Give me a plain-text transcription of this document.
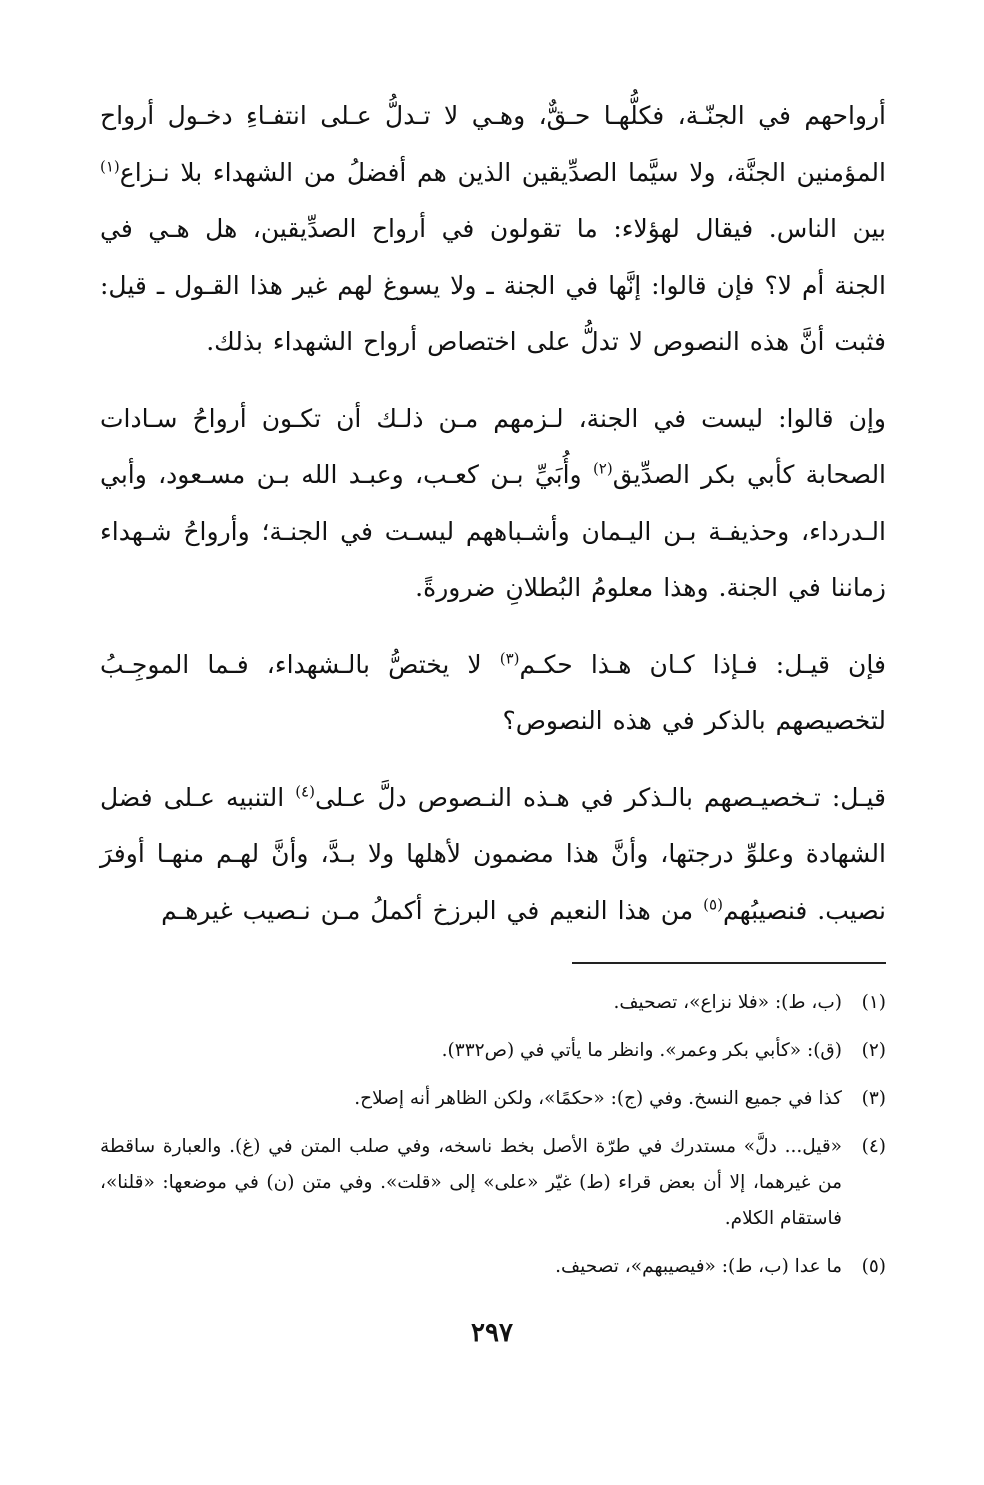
أرواحهم في الجنّـة، فكلُّهـا حـقٌّ، وهـي لا تـدلُّ عـلى انتفـاءِ دخـول أرواح المؤمنين الجنَّة، ولا سيَّما الصدِّيقين الذين هم أفضلُ من الشهداء بلا نـزاع$^{(١)}$ بين الناس. فيقال لهؤلاء: ما تقولون في أرواح الصدِّيقين، هل هـي في الجنة أم لا؟ فإن قالوا: إنَّها في الجنة ـ ولا يسوغ لهم غير هذا القـول ـ قيل: فثبت أنَّ هذه النصوص لا تدلُّ على اختصاص أرواح الشهداء بذلك.

وإن قالوا: ليست في الجنة، لـزمهم مـن ذلـك أن تكـون أرواحُ سـادات الصحابة كأبي بكر الصدِّيق$^{(٢)}$ وأُبَيِّ بـن كعـب، وعبـد الله بـن مسـعود، وأبي الـدرداء، وحذيفـة بـن اليـمان وأشـباههم ليسـت في الجنـة؛ وأرواحُ شـهداء زماننا في الجنة. وهذا معلومُ البُطلانِ ضرورةً.

فإن قيـل: فـإذا كـان هـذا حكـم$^{(٣)}$ لا يختصُّ بالـشهداء، فـما الموجِـبُ لتخصيصهم بالذكر في هذه النصوص؟

قيـل: تـخصيـصهم بالـذكر في هـذه النـصوص دلَّ عـلى$^{(٤)}$ التنبيه عـلى فضل الشهادة وعلوِّ درجتها، وأنَّ هذا مضمون لأهلها ولا بـدَّ، وأنَّ لهـم منهـا أوفرَ نصيب. فنصيبُهم$^{(٥)}$ من هذا النعيم في البرزخ أكملُ مـن نـصيب غيرهـم

(١)
(ب، ط): «فلا نزاع»، تصحيف.
(٢)
(ق): «كأبي بكر وعمر». وانظر ما يأتي في (ص٣٣٢).
(٣)
كذا في جميع النسخ. وفي (ج): «حكمًا»، ولكن الظاهر أنه إصلاح.
(٤)
«قيل... دلَّ» مستدرك في طرّة الأصل بخط ناسخه، وفي صلب المتن في (غ). والعبارة ساقطة من غيرهما، إلا أن بعض قراء (ط) غيّر «على» إلى «قلت». وفي متن (ن) في موضعها: «قلنا»، فاستقام الكلام.
(٥)
ما عدا (ب، ط): «فيصيبهم»، تصحيف.
٢٩٧
